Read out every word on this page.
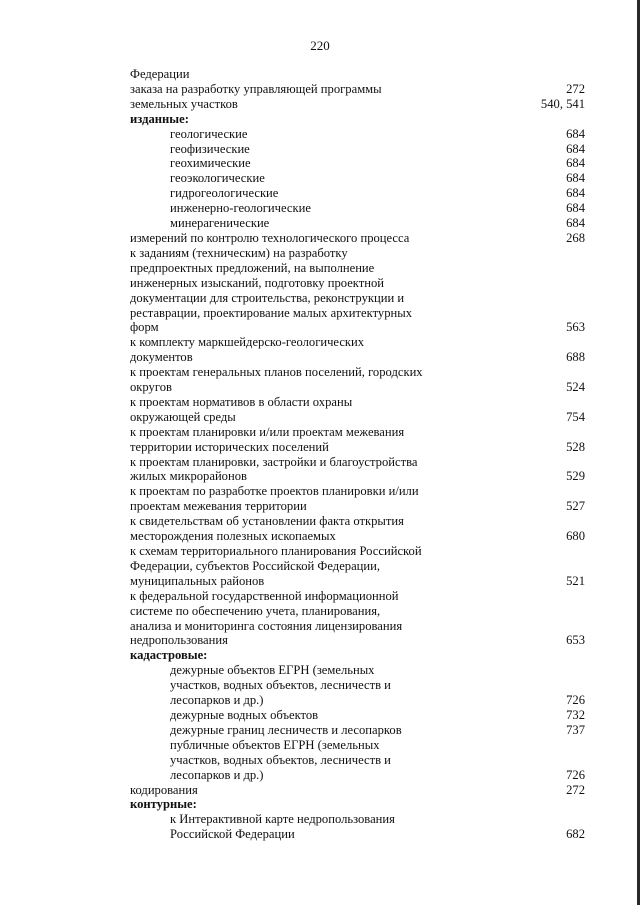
220
Федерации
заказа на разработку управляющей программы	272
земельных участков	540, 541
изданные:
геологические	684
геофизические	684
геохимические	684
геоэкологические	684
гидрогеологические	684
инженерно-геологические	684
минерагенические	684
измерений по контролю технологического процесса	268
к заданиям (техническим) на разработку
предпроектных предложений, на выполнение
инженерных изысканий, подготовку проектной
документации для строительства, реконструкции и
реставрации, проектирование малых архитектурных
форм	563
к комплекту маркшейдерско-геологических
документов	688
к проектам генеральных планов поселений, городских
округов	524
к проектам нормативов в области охраны
окружающей среды	754
к проектам планировки и/или проектам межевания
территории исторических поселений	528
к проектам планировки, застройки и благоустройства
жилых микрорайонов	529
к проектам по разработке проектов планировки и/или
проектам межевания территории	527
к свидетельствам об установлении факта открытия
месторождения полезных ископаемых	680
к схемам территориального планирования Российской
Федерации, субъектов Российской Федерации,
муниципальных районов	521
к федеральной государственной информационной
системе по обеспечению учета, планирования,
анализа и мониторинга состояния лицензирования
недропользования	653
кадастровые:
дежурные объектов ЕГРН (земельных
участков, водных объектов, лесничеств и
лесопарков и др.)	726
дежурные водных объектов	732
дежурные границ лесничеств и лесопарков	737
публичные объектов ЕГРН (земельных
участков, водных объектов, лесничеств и
лесопарков и др.)	726
кодирования	272
контурные:
к Интерактивной карте недропользования
Российской Федерации	682
